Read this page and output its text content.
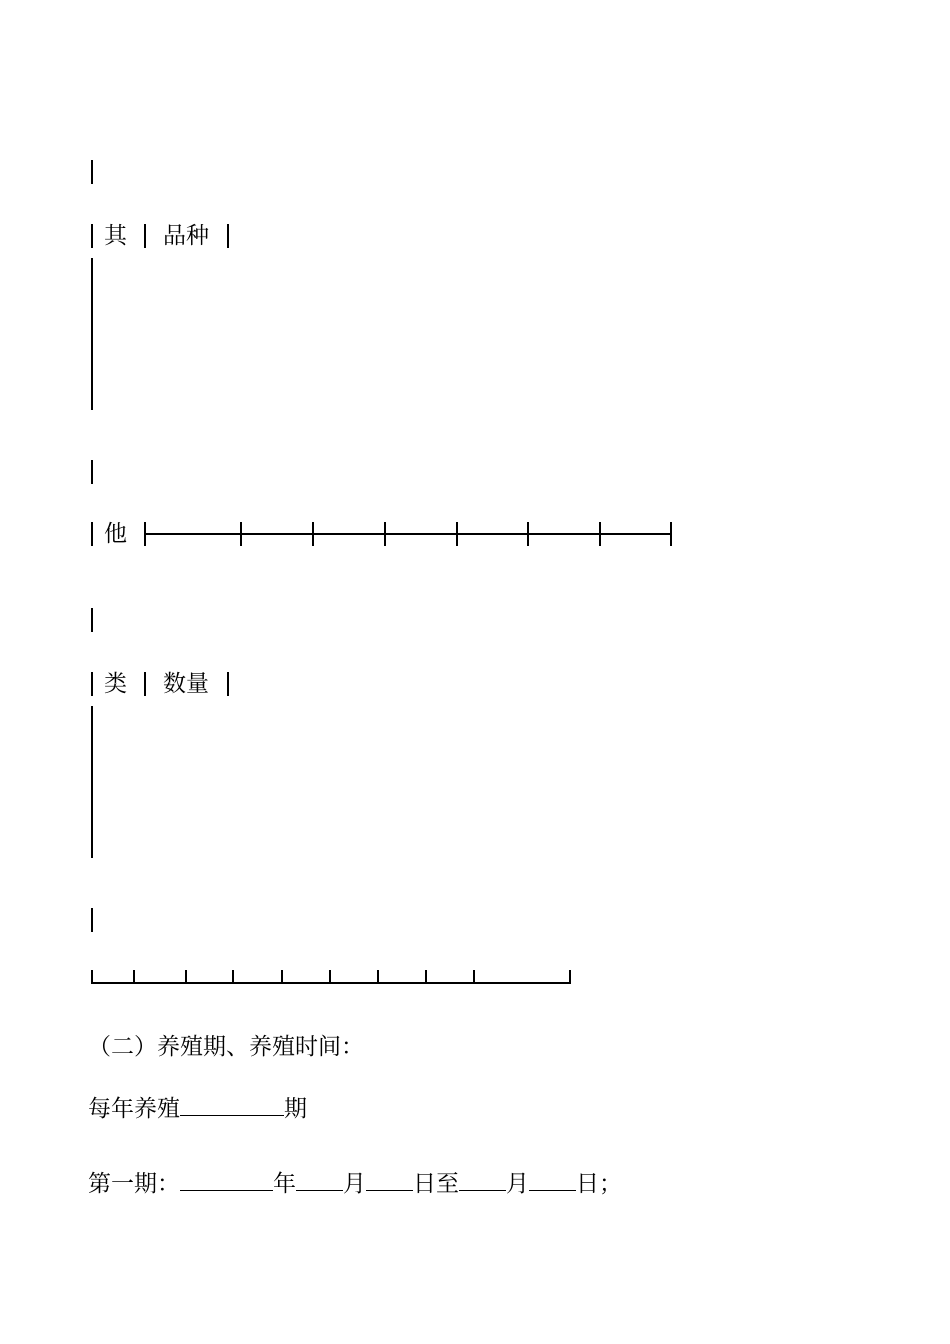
其 品种
他
类 数量
（二）养殖期、养殖时间：
每年养殖	期
第一期：	年 月 日至 月 日；
